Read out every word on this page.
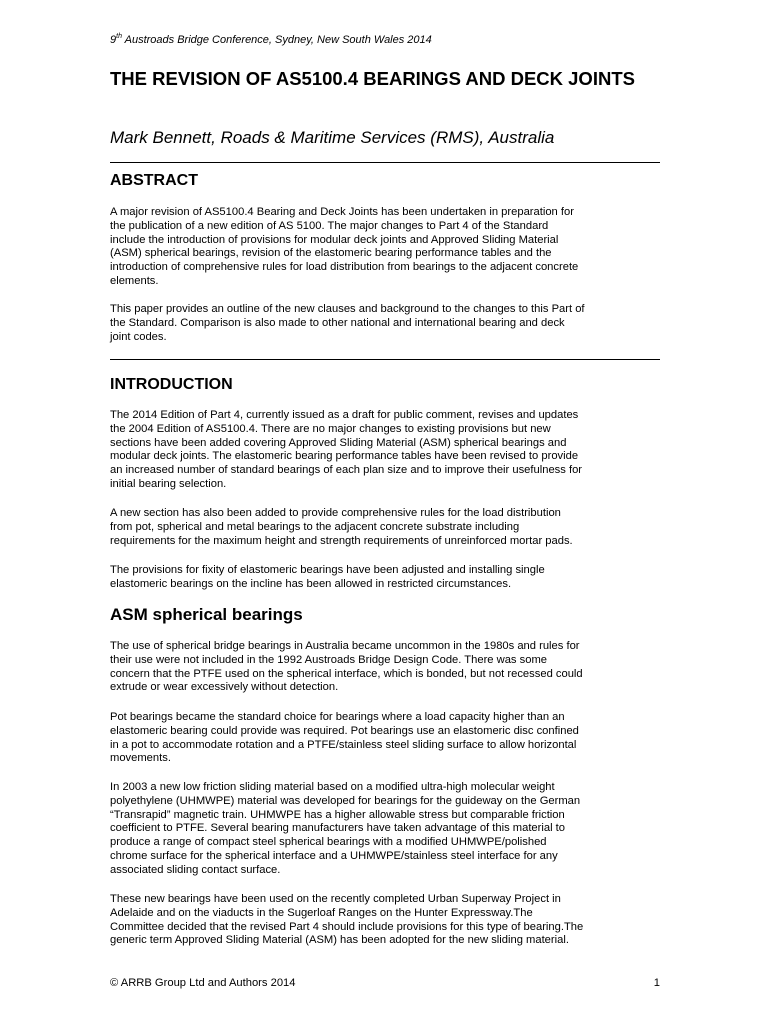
9th Austroads Bridge Conference, Sydney, New South Wales 2014
THE REVISION OF AS5100.4 BEARINGS AND DECK JOINTS
Mark Bennett, Roads & Maritime Services (RMS), Australia
ABSTRACT
A major revision of AS5100.4 Bearing and Deck Joints has been undertaken in preparation for
the publication of a new edition of AS 5100. The major changes to Part 4 of the Standard
include the introduction of provisions for modular deck joints and Approved Sliding Material
(ASM) spherical bearings, revision of the elastomeric bearing performance tables and the
introduction of comprehensive rules for load distribution from bearings to the adjacent concrete
elements.
This paper provides an outline of the new clauses and background to the changes to this Part of
the Standard. Comparison is also made to other national and international bearing and deck
joint codes.
INTRODUCTION
The 2014 Edition of Part 4, currently issued as a draft for public comment, revises and updates
the 2004 Edition of AS5100.4. There are no major changes to existing provisions but new
sections have been added covering Approved Sliding Material (ASM) spherical bearings and
modular deck joints. The elastomeric bearing performance tables have been revised to provide
an increased number of standard bearings of each plan size and to improve their usefulness for
initial bearing selection.
A new section has also been added to provide comprehensive rules for the load distribution
from pot, spherical and metal bearings to the adjacent concrete substrate including
requirements for the maximum height and strength requirements of unreinforced mortar pads.
The provisions for fixity of elastomeric bearings have been adjusted and installing single
elastomeric bearings on the incline has been allowed in restricted circumstances.
ASM spherical bearings
The use of spherical bridge bearings in Australia became uncommon in the 1980s and rules for
their use were not included in the 1992 Austroads Bridge Design Code. There was some
concern that the PTFE used on the spherical interface, which is bonded, but not recessed could
extrude or wear excessively without detection.
Pot bearings became the standard choice for bearings where a load capacity higher than an
elastomeric bearing could provide was required. Pot bearings use an elastomeric disc confined
in a pot to accommodate rotation and a PTFE/stainless steel sliding surface to allow horizontal
movements.
In 2003 a new low friction sliding material based on a modified ultra-high molecular weight
polyethylene (UHMWPE) material was developed for bearings for the guideway on the German
“Transrapid” magnetic train. UHMWPE has a higher allowable stress but comparable friction
coefficient to PTFE. Several bearing manufacturers have taken advantage of this material to
produce a range of compact steel spherical bearings with a modified UHMWPE/polished
chrome surface for the spherical interface and a UHMWPE/stainless steel interface for any
associated sliding contact surface.
These new bearings have been used on the recently completed Urban Superway Project in
Adelaide and on the viaducts in the Sugerloaf Ranges on the Hunter Expressway.The
Committee decided that the revised Part 4 should include provisions for this type of bearing.The
generic term Approved Sliding Material (ASM) has been adopted for the new sliding material.
© ARRB Group Ltd and Authors 2014	1
